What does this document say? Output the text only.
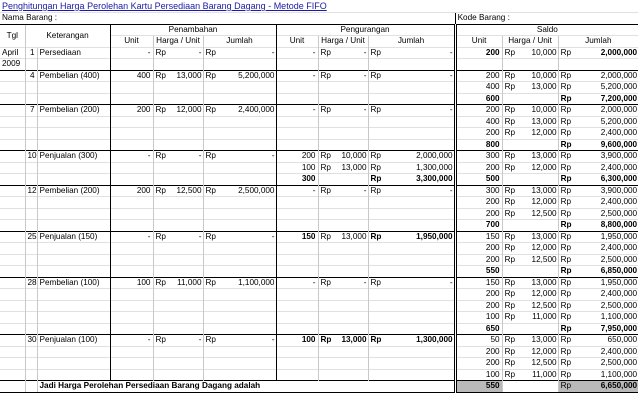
Penghitungan Harga Perolehan Kartu Persediaan Barang Dagang - Metode FIFO
Nama Barang :													Kode Barang :				
Tgl	Keterangan		Penambahan					Pengurangan					Saldo				
			Unit	Harga / Unit		Jumlah		Unit	Harga / Unit		Jumlah		Unit	Harga / Unit		Jumlah	
April	1	Persediaan	-	Rp	-	Rp	-	-	Rp	-	Rp	-	200	Rp	10,000	Rp	2,000,000
2009																	
	4	Pembelian (400)	400	Rp	13,000	Rp	5,200,000	-	Rp	-	Rp	-	200	Rp	10,000	Rp	2,000,000
													400	Rp	13,000	Rp	5,200,000
													600			Rp	7,200,000
	7	Pembelian (200)	200	Rp	12,000	Rp	2,400,000	-	Rp	-	Rp	-	200	Rp	10,000	Rp	2,000,000
													400	Rp	13,000	Rp	5,200,000
													200	Rp	12,000	Rp	2,400,000
													800			Rp	9,600,000
	10	Penjualan (300)	-	Rp	-	Rp	-	200	Rp	10,000	Rp	2,000,000	300	Rp	13,000	Rp	3,900,000
								100	Rp	13,000	Rp	1,300,000	200	Rp	12,000	Rp	2,400,000
								300			Rp	3,300,000	500			Rp	6,300,000
	12	Pembelian (200)	200	Rp	12,500	Rp	2,500,000	-	Rp	-	Rp	-	300	Rp	13,000	Rp	3,900,000
													200	Rp	12,000	Rp	2,400,000
													200	Rp	12,500	Rp	2,500,000
													700			Rp	8,800,000
	25	Penjualan (150)	-	Rp	-	Rp	-	150	Rp	13,000	Rp	1,950,000	150	Rp	13,000	Rp	1,950,000
													200	Rp	12,000	Rp	2,400,000
													200	Rp	12,500	Rp	2,500,000
													550			Rp	6,850,000
	28	Pembelian (100)	100	Rp	11,000	Rp	1,100,000	-	Rp	-	Rp	-	150	Rp	13,000	Rp	1,950,000
													200	Rp	12,000	Rp	2,400,000
													200	Rp	12,500	Rp	2,500,000
													100	Rp	11,000	Rp	1,100,000
													650			Rp	7,950,000
	30	Penjualan (100)	-	Rp	-	Rp	-	100	Rp	13,000	Rp	1,300,000	50	Rp	13,000	Rp	650,000
													200	Rp	12,000	Rp	2,400,000
													200	Rp	12,500	Rp	2,500,000
													100	Rp	11,000	Rp	1,100,000
		Jadi Harga Perolehan Persediaan Barang Dagang adalah											550			Rp	6,650,000
